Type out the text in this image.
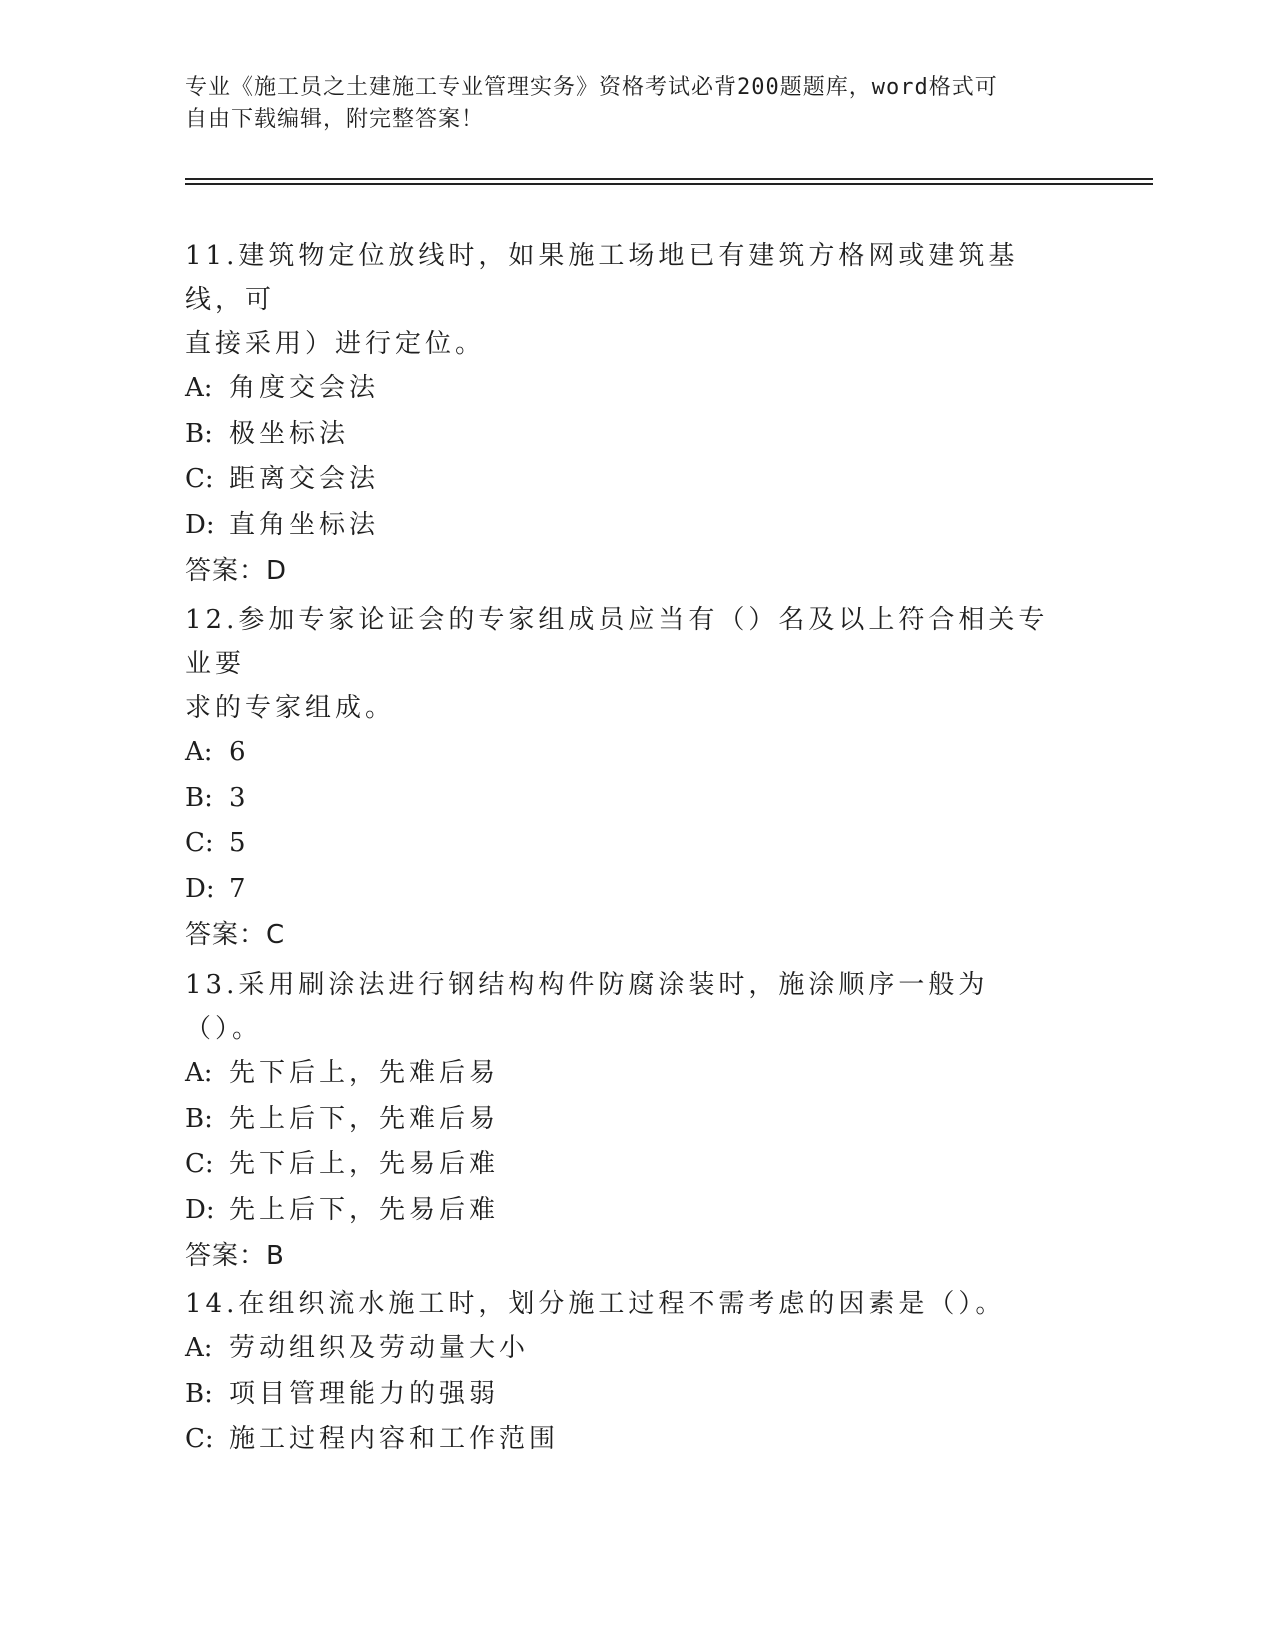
专业《施工员之土建施工专业管理实务》资格考试必背200题题库，word格式可
自由下载编辑，附完整答案！

11.建筑物定位放线时，如果施工场地已有建筑方格网或建筑基线，可

直接采用）进行定位。

A: 角度交会法

B: 极坐标法

C: 距离交会法

D: 直角坐标法

答案：D

12.参加专家论证会的专家组成员应当有（）名及以上符合相关专业要

求的专家组成。

A: 6

B: 3

C: 5

D: 7

答案：C

13.采用刷涂法进行钢结构构件防腐涂装时，施涂顺序一般为（）。

A: 先下后上，先难后易

B: 先上后下，先难后易

C: 先下后上，先易后难

D: 先上后下，先易后难

答案：B

14.在组织流水施工时，划分施工过程不需考虑的因素是（）。

A: 劳动组织及劳动量大小

B: 项目管理能力的强弱

C: 施工过程内容和工作范围
